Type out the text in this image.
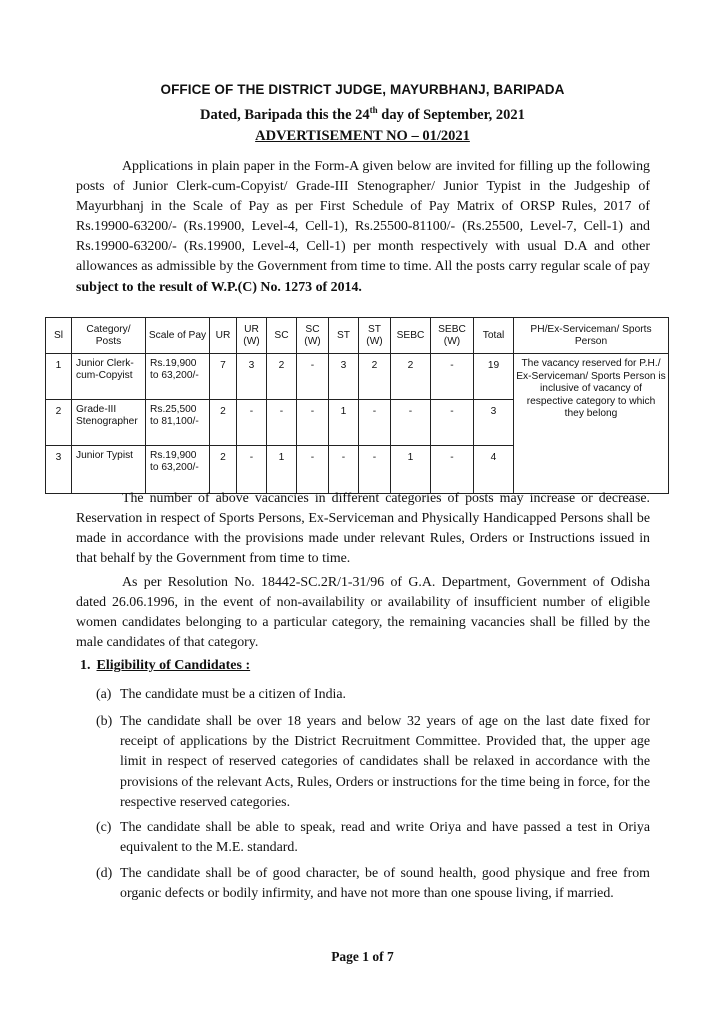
OFFICE OF THE DISTRICT JUDGE, MAYURBHANJ, BARIPADA
Dated, Baripada this the 24th day of September, 2021
ADVERTISEMENT NO – 01/2021
Applications in plain paper in the Form-A given below are invited for filling up the following posts of Junior Clerk-cum-Copyist/ Grade-III Stenographer/ Junior Typist in the Judgeship of Mayurbhanj in the Scale of Pay as per First Schedule of Pay Matrix of ORSP Rules, 2017 of Rs.19900-63200/- (Rs.19900, Level-4, Cell-1), Rs.25500-81100/- (Rs.25500, Level-7, Cell-1) and Rs.19900-63200/- (Rs.19900, Level-4, Cell-1) per month respectively with usual D.A and other allowances as admissible by the Government from time to time. All the posts carry regular scale of pay subject to the result of W.P.(C) No. 1273 of 2014.
Sl	Category/ Posts	Scale of Pay	UR	UR (W)	SC	SC (W)	ST	ST (W)	SEBC	SEBC (W)	Total	PH/Ex-Serviceman/ Sports Person
1	Junior Clerk-cum-Copyist	Rs.19,900 to 63,200/-	7	3	2	-	3	2	2	-	19	The vacancy reserved for P.H./ Ex-Serviceman/ Sports Person is inclusive of vacancy of respective category to which they belong
2	Grade-III Stenographer	Rs.25,500 to 81,100/-	2	-	-	-	1	-	-	-	3	
3	Junior Typist	Rs.19,900 to 63,200/-	2	-	1	-	-	-	1	-	4	
The number of above vacancies in different categories of posts may increase or decrease. Reservation in respect of Sports Persons, Ex-Serviceman and Physically Handicapped Persons shall be made in accordance with the provisions made under relevant Rules, Orders or Instructions issued in that behalf by the Government from time to time.
As per Resolution No. 18442-SC.2R/1-31/96 of G.A. Department, Government of Odisha dated 26.06.1996, in the event of non-availability or availability of insufficient number of eligible women candidates belonging to a particular category, the remaining vacancies shall be filled by the male candidates of that category.
1. Eligibility of Candidates :
(a) The candidate must be a citizen of India.
(b) The candidate shall be over 18 years and below 32 years of age on the last date fixed for receipt of applications by the District Recruitment Committee. Provided that, the upper age limit in respect of reserved categories of candidates shall be relaxed in accordance with the provisions of the relevant Acts, Rules, Orders or instructions for the time being in force, for the respective reserved categories.
(c) The candidate shall be able to speak, read and write Oriya and have passed a test in Oriya equivalent to the M.E. standard.
(d) The candidate shall be of good character, be of sound health, good physique and free from organic defects or bodily infirmity, and have not more than one spouse living, if married.
Page 1 of 7
